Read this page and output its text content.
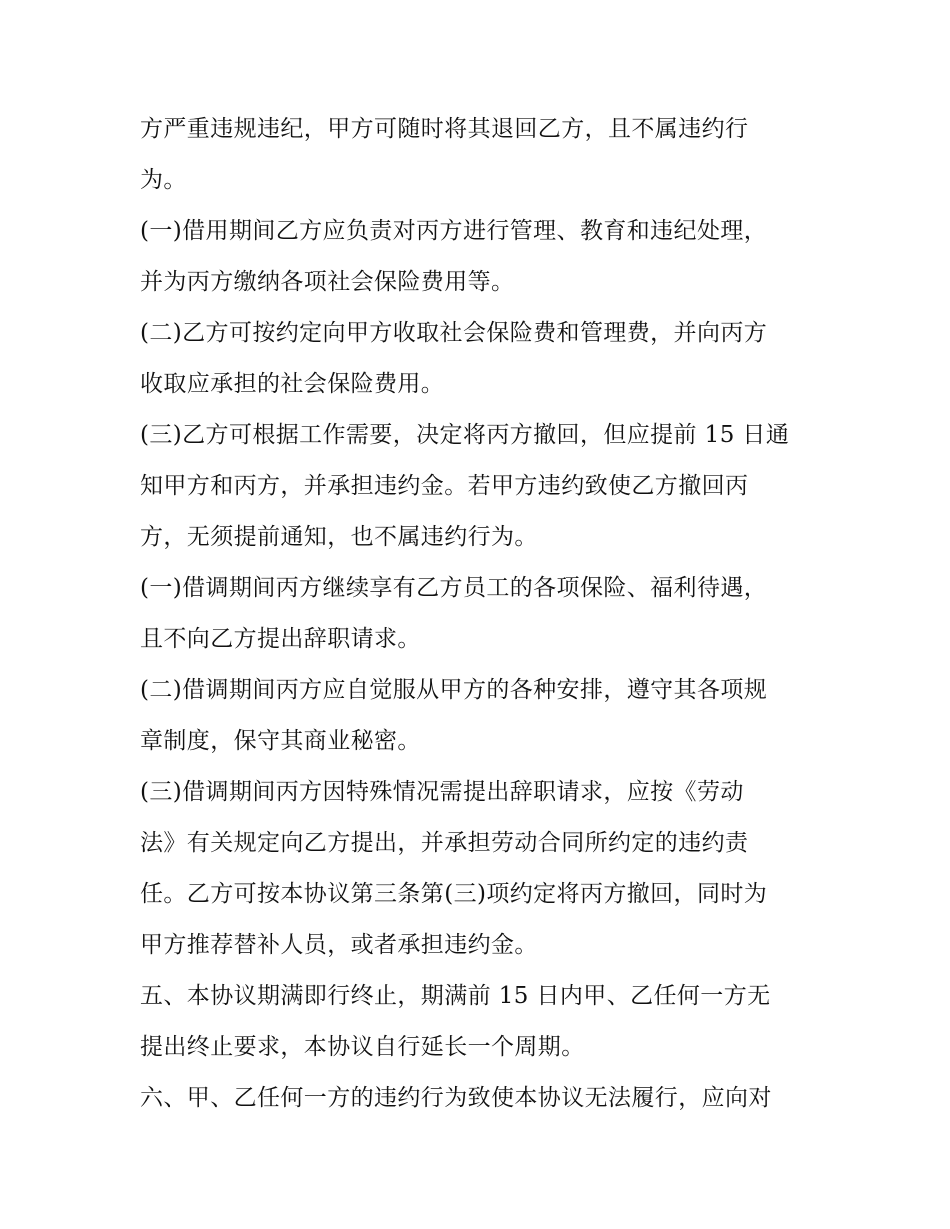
方严重违规违纪，甲方可随时将其退回乙方，且不属违约行
为。
(一)借用期间乙方应负责对丙方进行管理、教育和违纪处理，
并为丙方缴纳各项社会保险费用等。
(二)乙方可按约定向甲方收取社会保险费和管理费，并向丙方
收取应承担的社会保险费用。
(三)乙方可根据工作需要，决定将丙方撤回，但应提前 15 日通
知甲方和丙方，并承担违约金。若甲方违约致使乙方撤回丙
方，无须提前通知，也不属违约行为。
(一)借调期间丙方继续享有乙方员工的各项保险、福利待遇，
且不向乙方提出辞职请求。
(二)借调期间丙方应自觉服从甲方的各种安排，遵守其各项规
章制度，保守其商业秘密。
(三)借调期间丙方因特殊情况需提出辞职请求，应按《劳动
法》有关规定向乙方提出，并承担劳动合同所约定的违约责
任。乙方可按本协议第三条第(三)项约定将丙方撤回，同时为
甲方推荐替补人员，或者承担违约金。
五、本协议期满即行终止，期满前 15 日内甲、乙任何一方无
提出终止要求，本协议自行延长一个周期。
六、甲、乙任何一方的违约行为致使本协议无法履行，应向对
